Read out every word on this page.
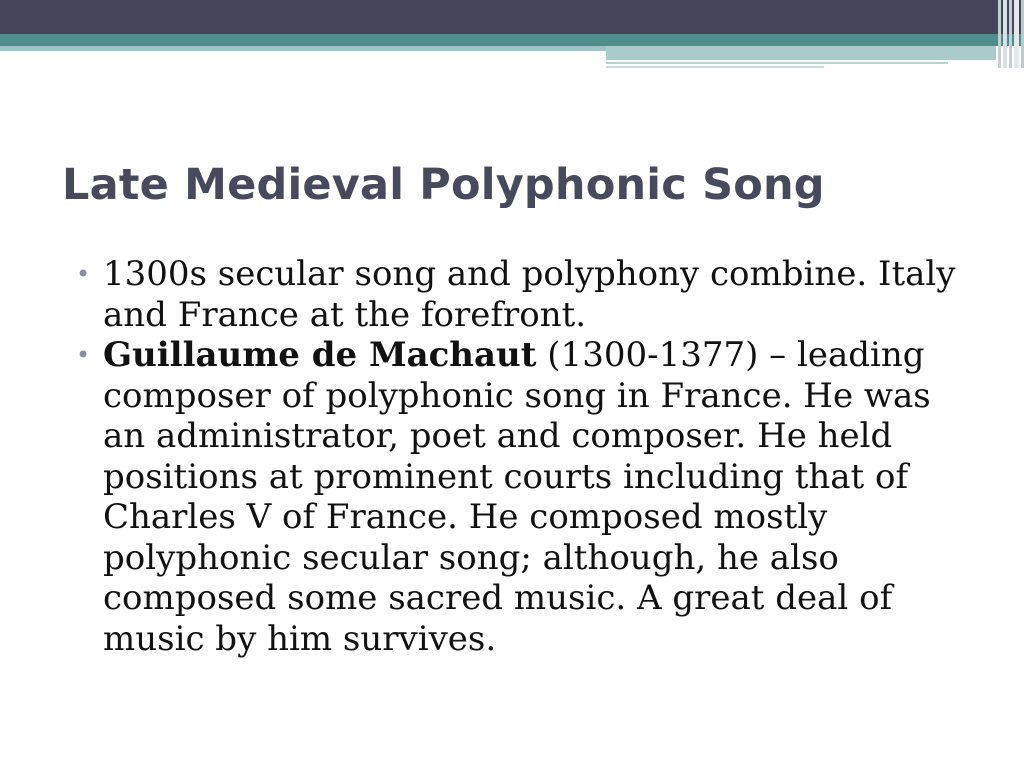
Late Medieval Polyphonic Song
• 1300s secular song and polyphony combine. Italy and France at the forefront.
• Guillaume de Machaut (1300-1377) – leading composer of polyphonic song in France. He was an administrator, poet and composer. He held positions at prominent courts including that of Charles V of France. He composed mostly polyphonic secular song; although, he also composed some sacred music. A great deal of music by him survives.
